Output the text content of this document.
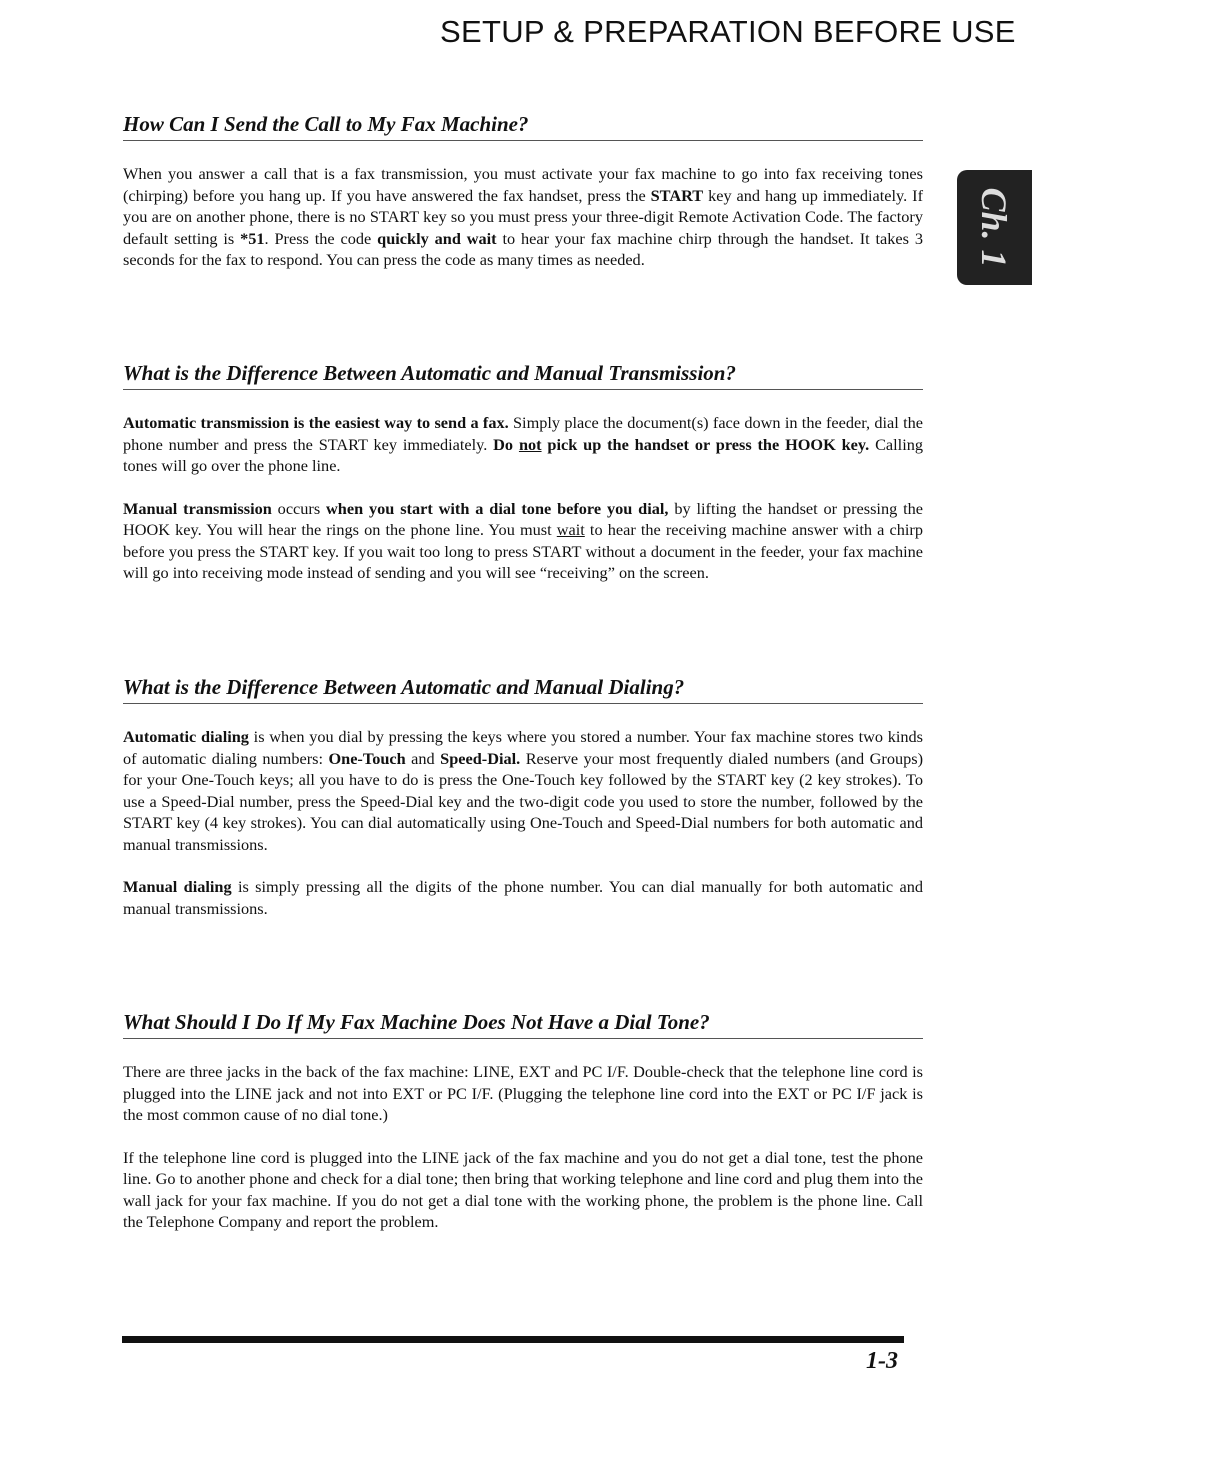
SETUP & PREPARATION BEFORE USE
Ch. 1
How Can I Send the Call to My Fax Machine?

When you answer a call that is a fax transmission, you must activate your fax machine to go into fax receiving tones (chirping) before you hang up. If you have answered the fax handset, press the START key and hang up immediately. If you are on another phone, there is no START key so you must press your three-digit Remote Activation Code. The factory default setting is *51. Press the code quickly and wait to hear your fax machine chirp through the handset. It takes 3 seconds for the fax to respond. You can press the code as many times as needed.

What is the Difference Between Automatic and Manual Transmission?

Automatic transmission is the easiest way to send a fax. Simply place the document(s) face down in the feeder, dial the phone number and press the START key immediately. Do not pick up the handset or press the HOOK key. Calling tones will go over the phone line.

Manual transmission occurs when you start with a dial tone before you dial, by lifting the handset or pressing the HOOK key. You will hear the rings on the phone line. You must wait to hear the receiving machine answer with a chirp before you press the START key. If you wait too long to press START without a document in the feeder, your fax machine will go into receiving mode instead of sending and you will see “receiving” on the screen.

What is the Difference Between Automatic and Manual Dialing?

Automatic dialing is when you dial by pressing the keys where you stored a number. Your fax machine stores two kinds of automatic dialing numbers: One-Touch and Speed-Dial. Reserve your most frequently dialed numbers (and Groups) for your One-Touch keys; all you have to do is press the One-Touch key followed by the START key (2 key strokes). To use a Speed-Dial number, press the Speed-Dial key and the two-digit code you used to store the number, followed by the START key (4 key strokes). You can dial automatically using One-Touch and Speed-Dial numbers for both automatic and manual transmissions.

Manual dialing is simply pressing all the digits of the phone number. You can dial manually for both automatic and manual transmissions.

What Should I Do If My Fax Machine Does Not Have a Dial Tone?

There are three jacks in the back of the fax machine: LINE, EXT and PC I/F. Double-check that the telephone line cord is plugged into the LINE jack and not into EXT or PC I/F. (Plugging the telephone line cord into the EXT or PC I/F jack is the most common cause of no dial tone.)

If the telephone line cord is plugged into the LINE jack of the fax machine and you do not get a dial tone, test the phone line. Go to another phone and check for a dial tone; then bring that working telephone and line cord and plug them into the wall jack for your fax machine. If you do not get a dial tone with the working phone, the problem is the phone line. Call the Telephone Company and report the problem.

1-3
